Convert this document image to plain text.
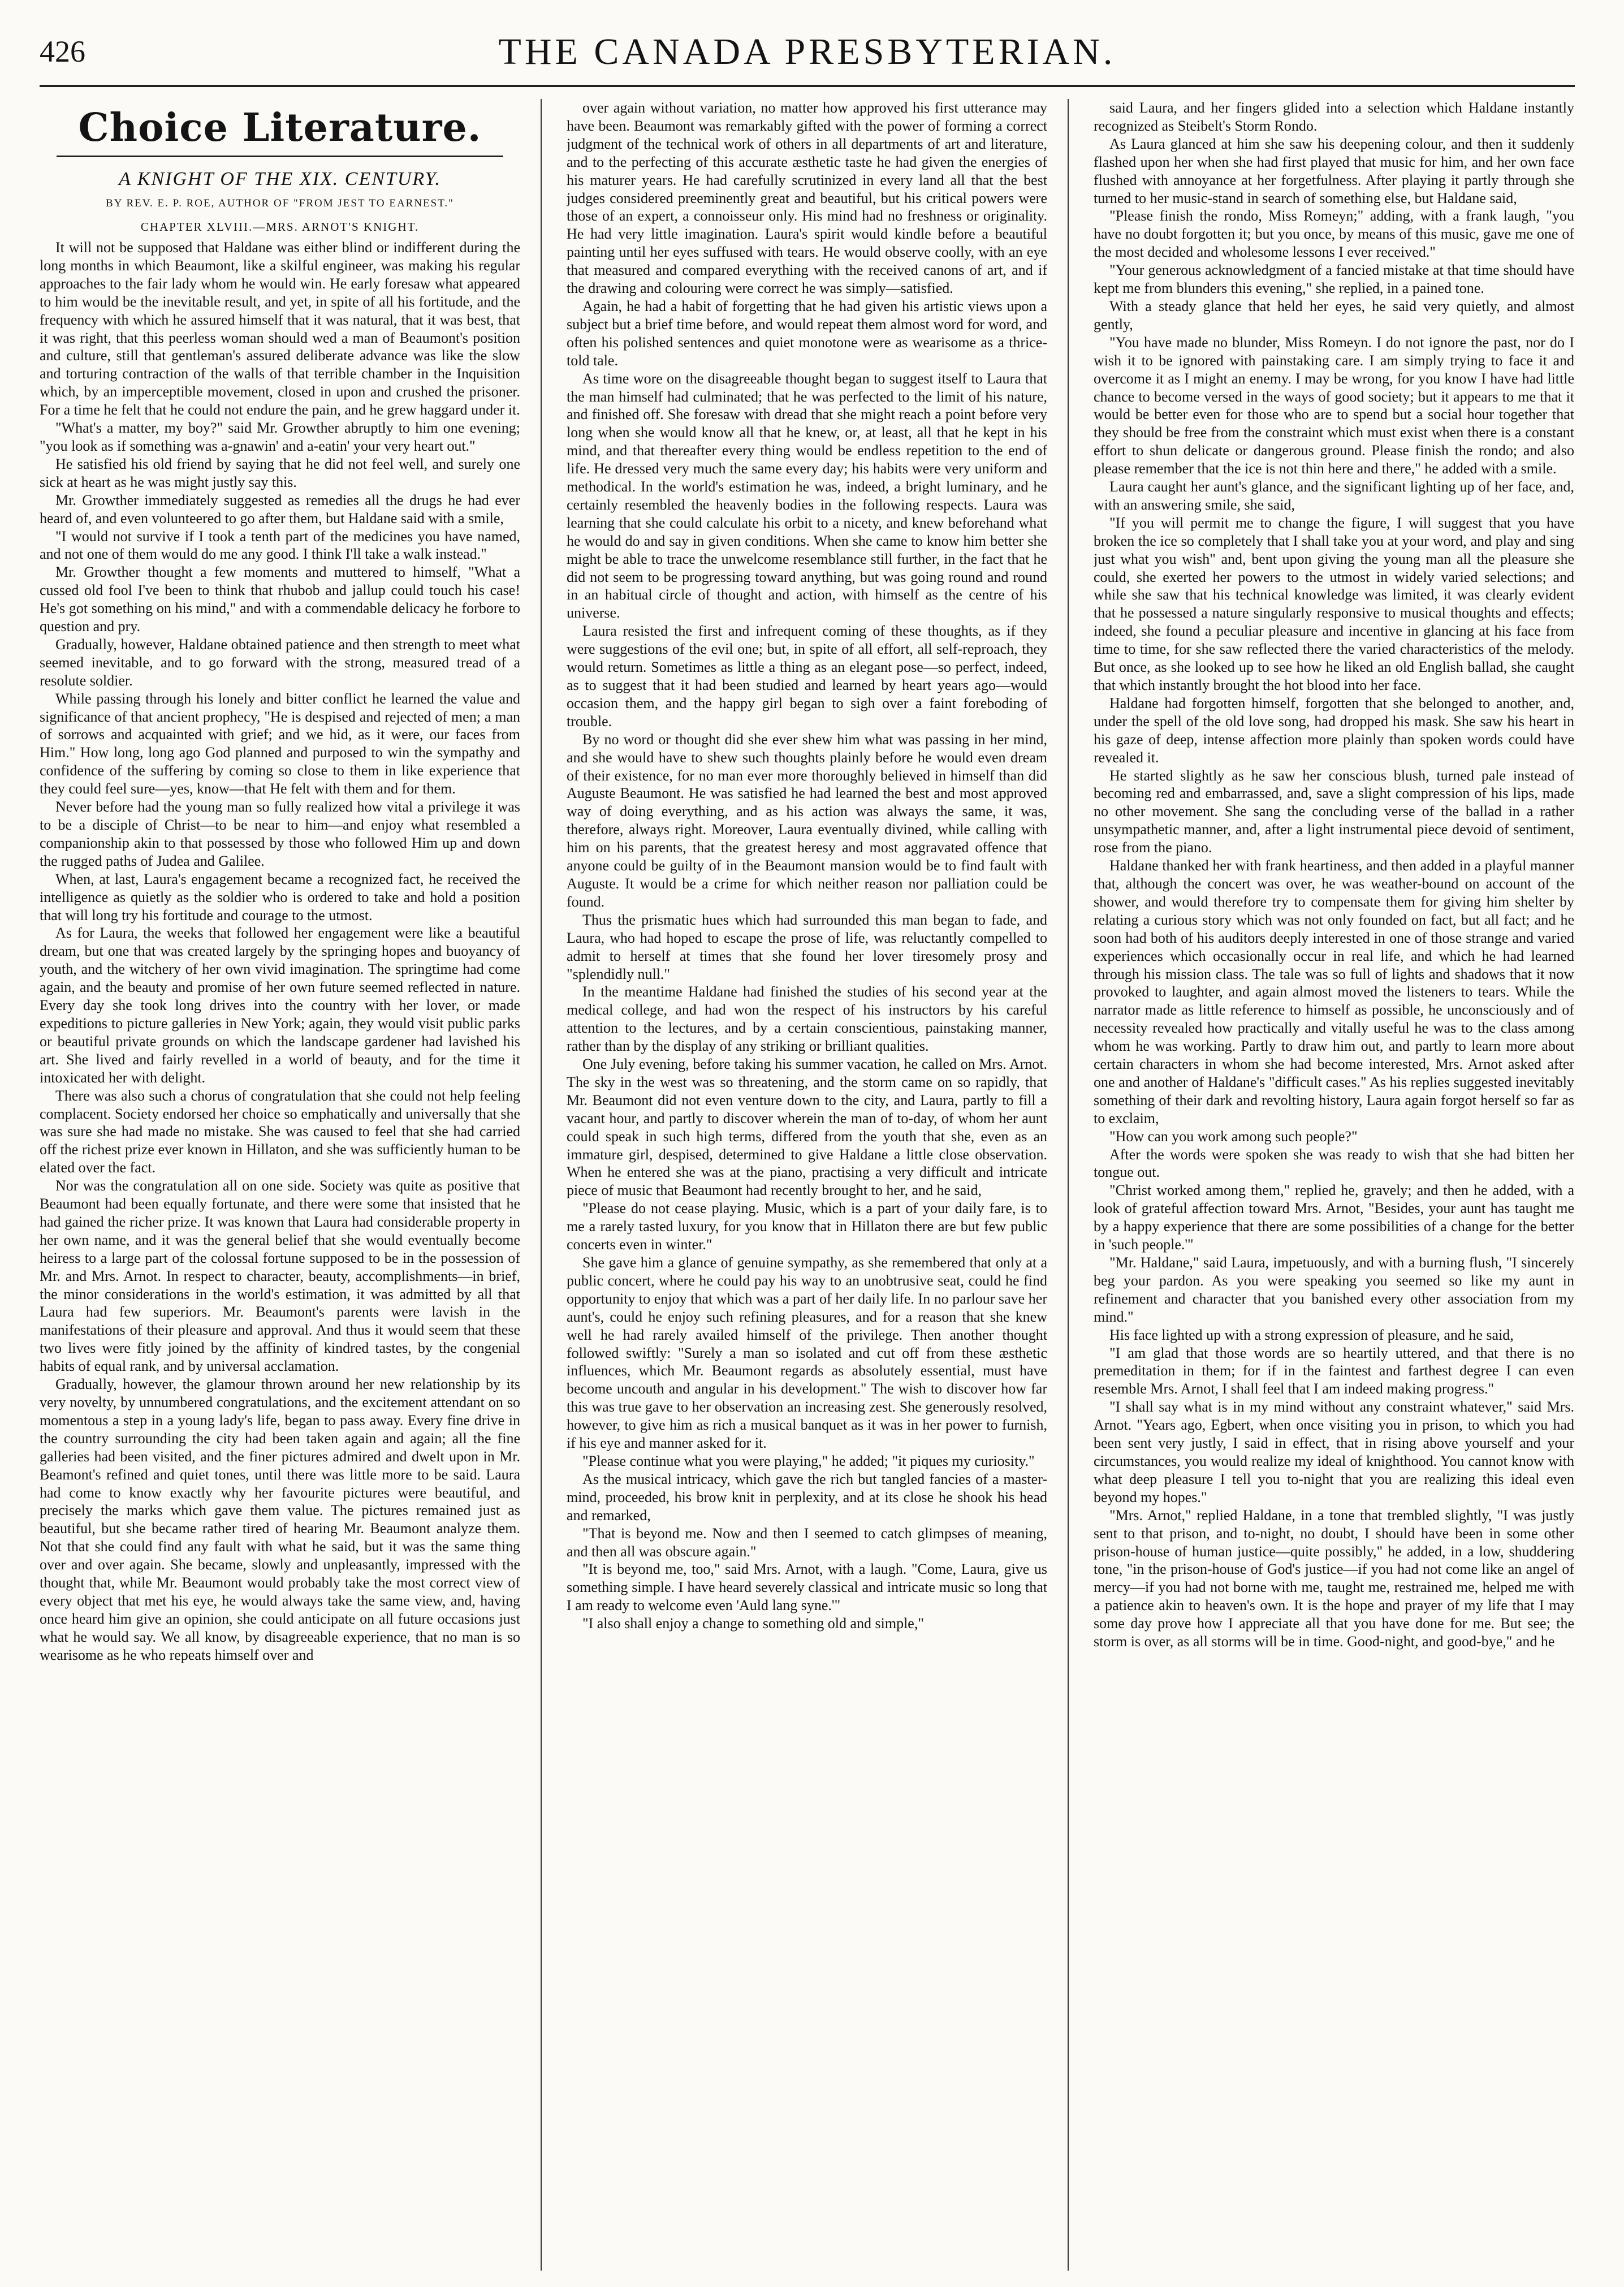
426	THE CANADA PRESBYTERIAN.
Choice Literature.
A KNIGHT OF THE XIX. CENTURY.
BY REV. E. P. ROE, AUTHOR OF "FROM JEST TO EARNEST."
CHAPTER XLVIII.—MRS. ARNOT'S KNIGHT.

It will not be supposed that Haldane was either blind or indifferent during the long months in which Beaumont, like a skilful engineer, was making his regular approaches to the fair lady whom he would win. He early foresaw what appeared to him would be the inevitable result, and yet, in spite of all his fortitude, and the frequency with which he assured himself that it was natural, that it was best, that it was right, that this peerless woman should wed a man of Beaumont's position and culture, still that gentleman's assured deliberate advance was like the slow and torturing contraction of the walls of that terrible chamber in the Inquisition which, by an imperceptible movement, closed in upon and crushed the prisoner. For a time he felt that he could not endure the pain, and he grew haggard under it.

"What's a matter, my boy?" said Mr. Growther abruptly to him one evening; "you look as if something was a-gnawin' and a-eatin' your very heart out."

He satisfied his old friend by saying that he did not feel well, and surely one sick at heart as he was might justly say this.

Mr. Growther immediately suggested as remedies all the drugs he had ever heard of, and even volunteered to go after them, but Haldane said with a smile,

"I would not survive if I took a tenth part of the medicines you have named, and not one of them would do me any good. I think I'll take a walk instead."

Mr. Growther thought a few moments and muttered to himself, "What a cussed old fool I've been to think that rhubob and jallup could touch his case! He's got something on his mind," and with a commendable delicacy he forbore to question and pry.

Gradually, however, Haldane obtained patience and then strength to meet what seemed inevitable, and to go forward with the strong, measured tread of a resolute soldier.

While passing through his lonely and bitter conflict he learned the value and significance of that ancient prophecy, "He is despised and rejected of men; a man of sorrows and acquainted with grief; and we hid, as it were, our faces from Him." How long, long ago God planned and purposed to win the sympathy and confidence of the suffering by coming so close to them in like experience that they could feel sure—yes, know—that He felt with them and for them.

Never before had the young man so fully realized how vital a privilege it was to be a disciple of Christ—to be near to him—and enjoy what resembled a companionship akin to that possessed by those who followed Him up and down the rugged paths of Judea and Galilee.

When, at last, Laura's engagement became a recognized fact, he received the intelligence as quietly as the soldier who is ordered to take and hold a position that will long try his fortitude and courage to the utmost.

As for Laura, the weeks that followed her engagement were like a beautiful dream, but one that was created largely by the springing hopes and buoyancy of youth, and the witchery of her own vivid imagination. The springtime had come again, and the beauty and promise of her own future seemed reflected in nature. Every day she took long drives into the country with her lover, or made expeditions to picture galleries in New York; again, they would visit public parks or beautiful private grounds on which the landscape gardener had lavished his art. She lived and fairly revelled in a world of beauty, and for the time it intoxicated her with delight.

There was also such a chorus of congratulation that she could not help feeling complacent. Society endorsed her choice so emphatically and universally that she was sure she had made no mistake. She was caused to feel that she had carried off the richest prize ever known in Hillaton, and she was sufficiently human to be elated over the fact.

Nor was the congratulation all on one side. Society was quite as positive that Beaumont had been equally fortunate, and there were some that insisted that he had gained the richer prize. It was known that Laura had considerable property in her own name, and it was the general belief that she would eventually become heiress to a large part of the colossal fortune supposed to be in the possession of Mr. and Mrs. Arnot. In respect to character, beauty, accomplishments—in brief, the minor considerations in the world's estimation, it was admitted by all that Laura had few superiors. Mr. Beaumont's parents were lavish in the manifestations of their pleasure and approval. And thus it would seem that these two lives were fitly joined by the affinity of kindred tastes, by the congenial habits of equal rank, and by universal acclamation.

Gradually, however, the glamour thrown around her new relationship by its very novelty, by unnumbered congratulations, and the excitement attendant on so momentous a step in a young lady's life, began to pass away. Every fine drive in the country surrounding the city had been taken again and again; all the fine galleries had been visited, and the finer pictures admired and dwelt upon in Mr. Beamont's refined and quiet tones, until there was little more to be said. Laura had come to know exactly why her favourite pictures were beautiful, and precisely the marks which gave them value. The pictures remained just as beautiful, but she became rather tired of hearing Mr. Beaumont analyze them. Not that she could find any fault with what he said, but it was the same thing over and over again. She became, slowly and unpleasantly, impressed with the thought that, while Mr. Beaumont would probably take the most correct view of every object that met his eye, he would always take the same view, and, having once heard him give an opinion, she could anticipate on all future occasions just what he would say. We all know, by disagreeable experience, that no man is so wearisome as he who repeats himself over and

over again without variation, no matter how approved his first utterance may have been. Beaumont was remarkably gifted with the power of forming a correct judgment of the technical work of others in all departments of art and literature, and to the perfecting of this accurate æsthetic taste he had given the energies of his maturer years. He had carefully scrutinized in every land all that the best judges considered preeminently great and beautiful, but his critical powers were those of an expert, a connoisseur only. His mind had no freshness or originality. He had very little imagination. Laura's spirit would kindle before a beautiful painting until her eyes suffused with tears. He would observe coolly, with an eye that measured and compared everything with the received canons of art, and if the drawing and colouring were correct he was simply—satisfied.

Again, he had a habit of forgetting that he had given his artistic views upon a subject but a brief time before, and would repeat them almost word for word, and often his polished sentences and quiet monotone were as wearisome as a thrice-told tale.

As time wore on the disagreeable thought began to suggest itself to Laura that the man himself had culminated; that he was perfected to the limit of his nature, and finished off. She foresaw with dread that she might reach a point before very long when she would know all that he knew, or, at least, all that he kept in his mind, and that thereafter every thing would be endless repetition to the end of life. He dressed very much the same every day; his habits were very uniform and methodical. In the world's estimation he was, indeed, a bright luminary, and he certainly resembled the heavenly bodies in the following respects. Laura was learning that she could calculate his orbit to a nicety, and knew beforehand what he would do and say in given conditions. When she came to know him better she might be able to trace the unwelcome resemblance still further, in the fact that he did not seem to be progressing toward anything, but was going round and round in an habitual circle of thought and action, with himself as the centre of his universe.

Laura resisted the first and infrequent coming of these thoughts, as if they were suggestions of the evil one; but, in spite of all effort, all self-reproach, they would return. Sometimes as little a thing as an elegant pose—so perfect, indeed, as to suggest that it had been studied and learned by heart years ago—would occasion them, and the happy girl began to sigh over a faint foreboding of trouble.

By no word or thought did she ever shew him what was passing in her mind, and she would have to shew such thoughts plainly before he would even dream of their existence, for no man ever more thoroughly believed in himself than did Auguste Beaumont. He was satisfied he had learned the best and most approved way of doing everything, and as his action was always the same, it was, therefore, always right. Moreover, Laura eventually divined, while calling with him on his parents, that the greatest heresy and most aggravated offence that anyone could be guilty of in the Beaumont mansion would be to find fault with Auguste. It would be a crime for which neither reason nor palliation could be found.

Thus the prismatic hues which had surrounded this man began to fade, and Laura, who had hoped to escape the prose of life, was reluctantly compelled to admit to herself at times that she found her lover tiresomely prosy and "splendidly null."

In the meantime Haldane had finished the studies of his second year at the medical college, and had won the respect of his instructors by his careful attention to the lectures, and by a certain conscientious, painstaking manner, rather than by the display of any striking or brilliant qualities.

One July evening, before taking his summer vacation, he called on Mrs. Arnot. The sky in the west was so threatening, and the storm came on so rapidly, that Mr. Beaumont did not even venture down to the city, and Laura, partly to fill a vacant hour, and partly to discover wherein the man of to-day, of whom her aunt could speak in such high terms, differed from the youth that she, even as an immature girl, despised, determined to give Haldane a little close observation. When he entered she was at the piano, practising a very difficult and intricate piece of music that Beaumont had recently brought to her, and he said,

"Please do not cease playing. Music, which is a part of your daily fare, is to me a rarely tasted luxury, for you know that in Hillaton there are but few public concerts even in winter."

She gave him a glance of genuine sympathy, as she remembered that only at a public concert, where he could pay his way to an unobtrusive seat, could he find opportunity to enjoy that which was a part of her daily life. In no parlour save her aunt's, could he enjoy such refining pleasures, and for a reason that she knew well he had rarely availed himself of the privilege. Then another thought followed swiftly: "Surely a man so isolated and cut off from these æsthetic influences, which Mr. Beaumont regards as absolutely essential, must have become uncouth and angular in his development." The wish to discover how far this was true gave to her observation an increasing zest. She generously resolved, however, to give him as rich a musical banquet as it was in her power to furnish, if his eye and manner asked for it.

"Please continue what you were playing," he added; "it piques my curiosity."

As the musical intricacy, which gave the rich but tangled fancies of a master-mind, proceeded, his brow knit in perplexity, and at its close he shook his head and remarked,

"That is beyond me. Now and then I seemed to catch glimpses of meaning, and then all was obscure again."

"It is beyond me, too," said Mrs. Arnot, with a laugh. "Come, Laura, give us something simple. I have heard severely classical and intricate music so long that I am ready to welcome even 'Auld lang syne.'"

"I also shall enjoy a change to something old and simple,"

said Laura, and her fingers glided into a selection which Haldane instantly recognized as Steibelt's Storm Rondo.

As Laura glanced at him she saw his deepening colour, and then it suddenly flashed upon her when she had first played that music for him, and her own face flushed with annoyance at her forgetfulness. After playing it partly through she turned to her music-stand in search of something else, but Haldane said,

"Please finish the rondo, Miss Romeyn;" adding, with a frank laugh, "you have no doubt forgotten it; but you once, by means of this music, gave me one of the most decided and wholesome lessons I ever received."

"Your generous acknowledgment of a fancied mistake at that time should have kept me from blunders this evening," she replied, in a pained tone.

With a steady glance that held her eyes, he said very quietly, and almost gently,

"You have made no blunder, Miss Romeyn. I do not ignore the past, nor do I wish it to be ignored with painstaking care. I am simply trying to face it and overcome it as I might an enemy. I may be wrong, for you know I have had little chance to become versed in the ways of good society; but it appears to me that it would be better even for those who are to spend but a social hour together that they should be free from the constraint which must exist when there is a constant effort to shun delicate or dangerous ground. Please finish the rondo; and also please remember that the ice is not thin here and there," he added with a smile.

Laura caught her aunt's glance, and the significant lighting up of her face, and, with an answering smile, she said,

"If you will permit me to change the figure, I will suggest that you have broken the ice so completely that I shall take you at your word, and play and sing just what you wish" and, bent upon giving the young man all the pleasure she could, she exerted her powers to the utmost in widely varied selections; and while she saw that his technical knowledge was limited, it was clearly evident that he possessed a nature singularly responsive to musical thoughts and effects; indeed, she found a peculiar pleasure and incentive in glancing at his face from time to time, for she saw reflected there the varied characteristics of the melody. But once, as she looked up to see how he liked an old English ballad, she caught that which instantly brought the hot blood into her face.

Haldane had forgotten himself, forgotten that she belonged to another, and, under the spell of the old love song, had dropped his mask. She saw his heart in his gaze of deep, intense affection more plainly than spoken words could have revealed it.

He started slightly as he saw her conscious blush, turned pale instead of becoming red and embarrassed, and, save a slight compression of his lips, made no other movement. She sang the concluding verse of the ballad in a rather unsympathetic manner, and, after a light instrumental piece devoid of sentiment, rose from the piano.

Haldane thanked her with frank heartiness, and then added in a playful manner that, although the concert was over, he was weather-bound on account of the shower, and would therefore try to compensate them for giving him shelter by relating a curious story which was not only founded on fact, but all fact; and he soon had both of his auditors deeply interested in one of those strange and varied experiences which occasionally occur in real life, and which he had learned through his mission class. The tale was so full of lights and shadows that it now provoked to laughter, and again almost moved the listeners to tears. While the narrator made as little reference to himself as possible, he unconsciously and of necessity revealed how practically and vitally useful he was to the class among whom he was working. Partly to draw him out, and partly to learn more about certain characters in whom she had become interested, Mrs. Arnot asked after one and another of Haldane's "difficult cases." As his replies suggested inevitably something of their dark and revolting history, Laura again forgot herself so far as to exclaim,

"How can you work among such people?"

After the words were spoken she was ready to wish that she had bitten her tongue out.

"Christ worked among them," replied he, gravely; and then he added, with a look of grateful affection toward Mrs. Arnot, "Besides, your aunt has taught me by a happy experience that there are some possibilities of a change for the better in 'such people.'"

"Mr. Haldane," said Laura, impetuously, and with a burning flush, "I sincerely beg your pardon. As you were speaking you seemed so like my aunt in refinement and character that you banished every other association from my mind."

His face lighted up with a strong expression of pleasure, and he said,

"I am glad that those words are so heartily uttered, and that there is no premeditation in them; for if in the faintest and farthest degree I can even resemble Mrs. Arnot, I shall feel that I am indeed making progress."

"I shall say what is in my mind without any constraint whatever," said Mrs. Arnot. "Years ago, Egbert, when once visiting you in prison, to which you had been sent very justly, I said in effect, that in rising above yourself and your circumstances, you would realize my ideal of knighthood. You cannot know with what deep pleasure I tell you to-night that you are realizing this ideal even beyond my hopes."

"Mrs. Arnot," replied Haldane, in a tone that trembled slightly, "I was justly sent to that prison, and to-night, no doubt, I should have been in some other prison-house of human justice—quite possibly," he added, in a low, shuddering tone, "in the prison-house of God's justice—if you had not come like an angel of mercy—if you had not borne with me, taught me, restrained me, helped me with a patience akin to heaven's own. It is the hope and prayer of my life that I may some day prove how I appreciate all that you have done for me. But see; the storm is over, as all storms will be in time. Good-night, and good-bye," and he
